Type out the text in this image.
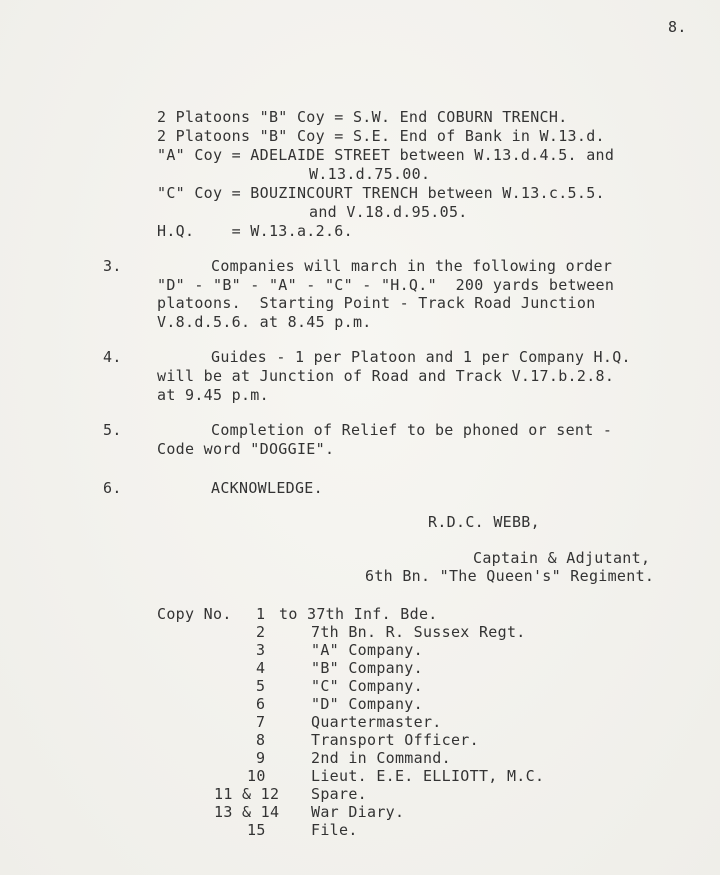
8.
2 Platoons "B" Coy = S.W. End COBURN TRENCH.
2 Platoons "B" Coy = S.E. End of Bank in W.13.d.
"A" Coy = ADELAIDE STREET between W.13.d.4.5. and
W.13.d.75.00.
"C" Coy = BOUZINCOURT TRENCH between W.13.c.5.5.
and V.18.d.95.05.
H.Q.    = W.13.a.2.6.
3.	Companies will march in the following order
"D" - "B" - "A" - "C" - "H.Q."  200 yards between
platoons.  Starting Point - Track Road Junction
V.8.d.5.6. at 8.45 p.m.
4.	Guides - 1 per Platoon and 1 per Company H.Q.
will be at Junction of Road and Track V.17.b.2.8.
at 9.45 p.m.
5.	Completion of Relief to be phoned or sent -
Code word "DOGGIE".
6.	ACKNOWLEDGE.
R.D.C. WEBB,
Captain & Adjutant,
6th Bn. "The Queen's" Regiment.
Copy No. 1 to 37th Inf. Bde.
2	7th Bn. R. Sussex Regt.
3	"A" Company.
4	"B" Company.
5	"C" Company.
6	"D" Company.
7	Quartermaster.
8	Transport Officer.
9	2nd in Command.
10	Lieut. E.E. ELLIOTT, M.C.
11 & 12 Spare.
13 & 14 War Diary.
15	File.
